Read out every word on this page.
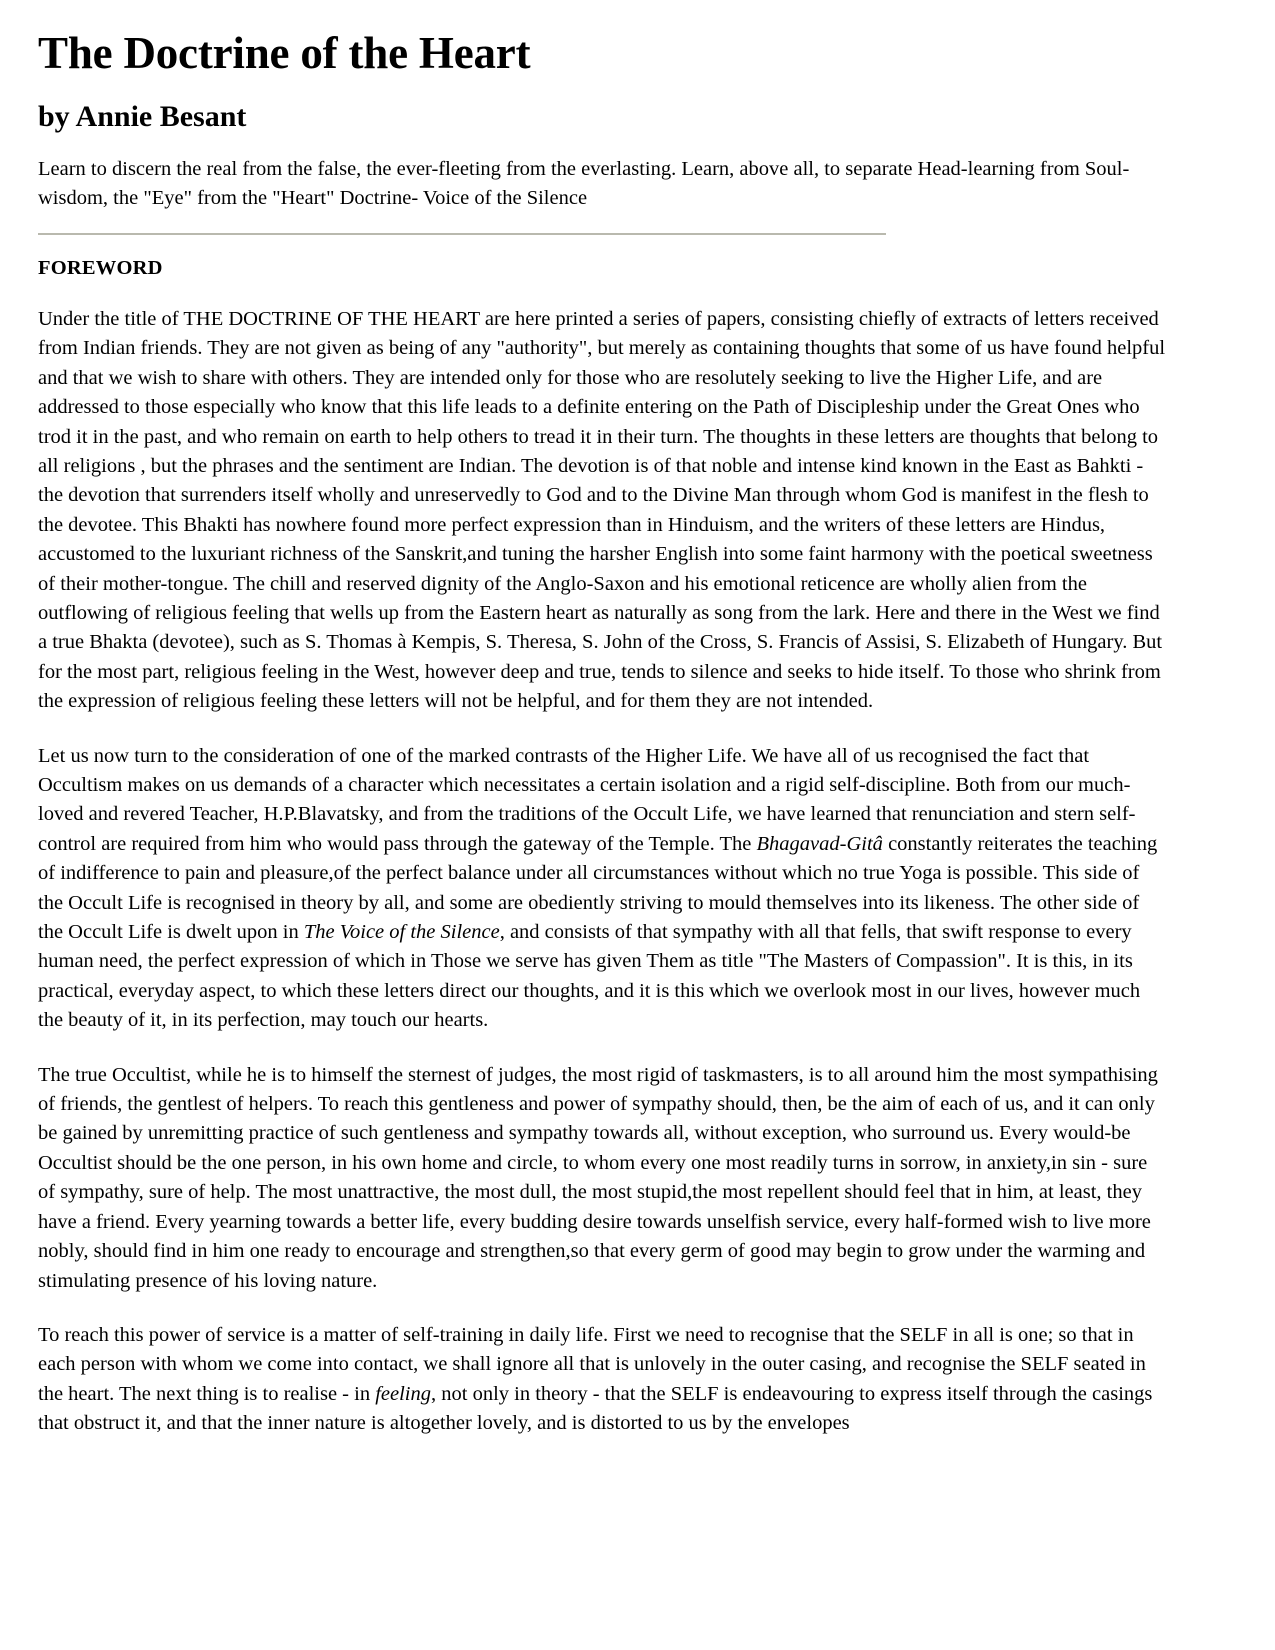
The Doctrine of the Heart
by Annie Besant

Learn to discern the real from the false, the ever-fleeting from the everlasting. Learn, above all, to separate Head-learning from Soul-wisdom, the "Eye" from the "Heart" Doctrine- Voice of the Silence

FOREWORD

Under the title of THE DOCTRINE OF THE HEART are here printed a series of papers, consisting chiefly of extracts of letters received from Indian friends. They are not given as being of any "authority", but merely as containing thoughts that some of us have found helpful and that we wish to share with others. They are intended only for those who are resolutely seeking to live the Higher Life, and are addressed to those especially who know that this life leads to a definite entering on the Path of Discipleship under the Great Ones who trod it in the past, and who remain on earth to help others to tread it in their turn. The thoughts in these letters are thoughts that belong to all religions , but the phrases and the sentiment are Indian. The devotion is of that noble and intense kind known in the East as Bahkti - the devotion that surrenders itself wholly and unreservedly to God and to the Divine Man through whom God is manifest in the flesh to the devotee. This Bhakti has nowhere found more perfect expression than in Hinduism, and the writers of these letters are Hindus, accustomed to the luxuriant richness of the Sanskrit,and tuning the harsher English into some faint harmony with the poetical sweetness of their mother-tongue. The chill and reserved dignity of the Anglo-Saxon and his emotional reticence are wholly alien from the outflowing of religious feeling that wells up from the Eastern heart as naturally as song from the lark. Here and there in the West we find a true Bhakta (devotee), such as S. Thomas à Kempis, S. Theresa, S. John of the Cross, S. Francis of Assisi, S. Elizabeth of Hungary. But for the most part, religious feeling in the West, however deep and true, tends to silence and seeks to hide itself. To those who shrink from the expression of religious feeling these letters will not be helpful, and for them they are not intended.

Let us now turn to the consideration of one of the marked contrasts of the Higher Life. We have all of us recognised the fact that Occultism makes on us demands of a character which necessitates a certain isolation and a rigid self-discipline. Both from our much-loved and revered Teacher, H.P.Blavatsky, and from the traditions of the Occult Life, we have learned that renunciation and stern self-control are required from him who would pass through the gateway of the Temple. The Bhagavad-Gitâ constantly reiterates the teaching of indifference to pain and pleasure,of the perfect balance under all circumstances without which no true Yoga is possible. This side of the Occult Life is recognised in theory by all, and some are obediently striving to mould themselves into its likeness. The other side of the Occult Life is dwelt upon in The Voice of the Silence, and consists of that sympathy with all that fells, that swift response to every human need, the perfect expression of which in Those we serve has given Them as title "The Masters of Compassion". It is this, in its practical, everyday aspect, to which these letters direct our thoughts, and it is this which we overlook most in our lives, however much the beauty of it, in its perfection, may touch our hearts.

The true Occultist, while he is to himself the sternest of judges, the most rigid of taskmasters, is to all around him the most sympathising of friends, the gentlest of helpers. To reach this gentleness and power of sympathy should, then, be the aim of each of us, and it can only be gained by unremitting practice of such gentleness and sympathy towards all, without exception, who surround us. Every would-be Occultist should be the one person, in his own home and circle, to whom every one most readily turns in sorrow, in anxiety,in sin - sure of sympathy, sure of help. The most unattractive, the most dull, the most stupid,the most repellent should feel that in him, at least, they have a friend. Every yearning towards a better life, every budding desire towards unselfish service, every half-formed wish to live more nobly, should find in him one ready to encourage and strengthen,so that every germ of good may begin to grow under the warming and stimulating presence of his loving nature.

To reach this power of service is a matter of self-training in daily life. First we need to recognise that the SELF in all is one; so that in each person with whom we come into contact, we shall ignore all that is unlovely in the outer casing, and recognise the SELF seated in the heart. The next thing is to realise - in feeling, not only in theory - that the SELF is endeavouring to express itself through the casings that obstruct it, and that the inner nature is altogether lovely, and is distorted to us by the envelopes
